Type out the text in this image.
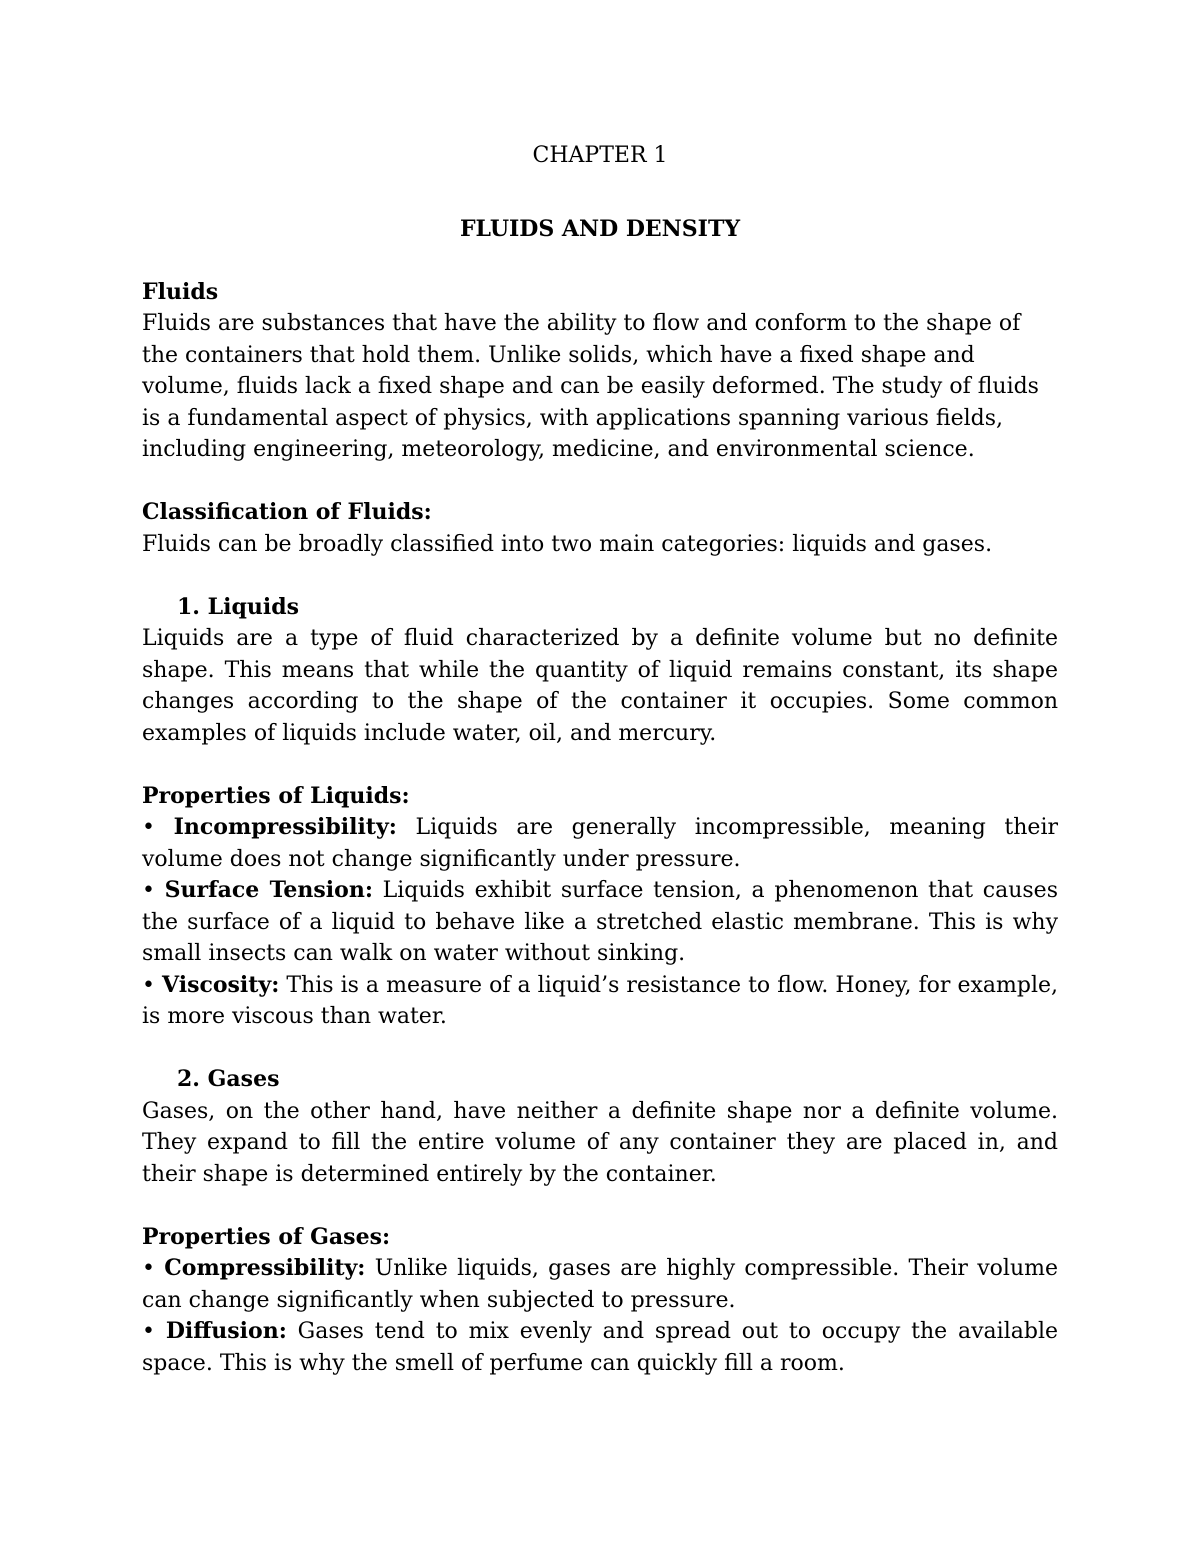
CHAPTER 1

FLUIDS AND DENSITY

Fluids

Fluids are substances that have the ability to flow and conform to the shape of the containers that hold them. Unlike solids, which have a fixed shape and volume, fluids lack a fixed shape and can be easily deformed. The study of fluids is a fundamental aspect of physics, with applications spanning various fields, including engineering, meteorology, medicine, and environmental science.

Classification of Fluids:

Fluids can be broadly classified into two main categories: liquids and gases.

1. Liquids

Liquids are a type of fluid characterized by a definite volume but no definite shape. This means that while the quantity of liquid remains constant, its shape changes according to the shape of the container it occupies. Some common examples of liquids include water, oil, and mercury.

Properties of Liquids:

• Incompressibility: Liquids are generally incompressible, meaning their volume does not change significantly under pressure.

• Surface Tension: Liquids exhibit surface tension, a phenomenon that causes the surface of a liquid to behave like a stretched elastic membrane. This is why small insects can walk on water without sinking.

• Viscosity: This is a measure of a liquid’s resistance to flow. Honey, for example, is more viscous than water.

2. Gases

Gases, on the other hand, have neither a definite shape nor a definite volume. They expand to fill the entire volume of any container they are placed in, and their shape is determined entirely by the container.

Properties of Gases:

• Compressibility: Unlike liquids, gases are highly compressible. Their volume can change significantly when subjected to pressure.

• Diffusion: Gases tend to mix evenly and spread out to occupy the available space. This is why the smell of perfume can quickly fill a room.
